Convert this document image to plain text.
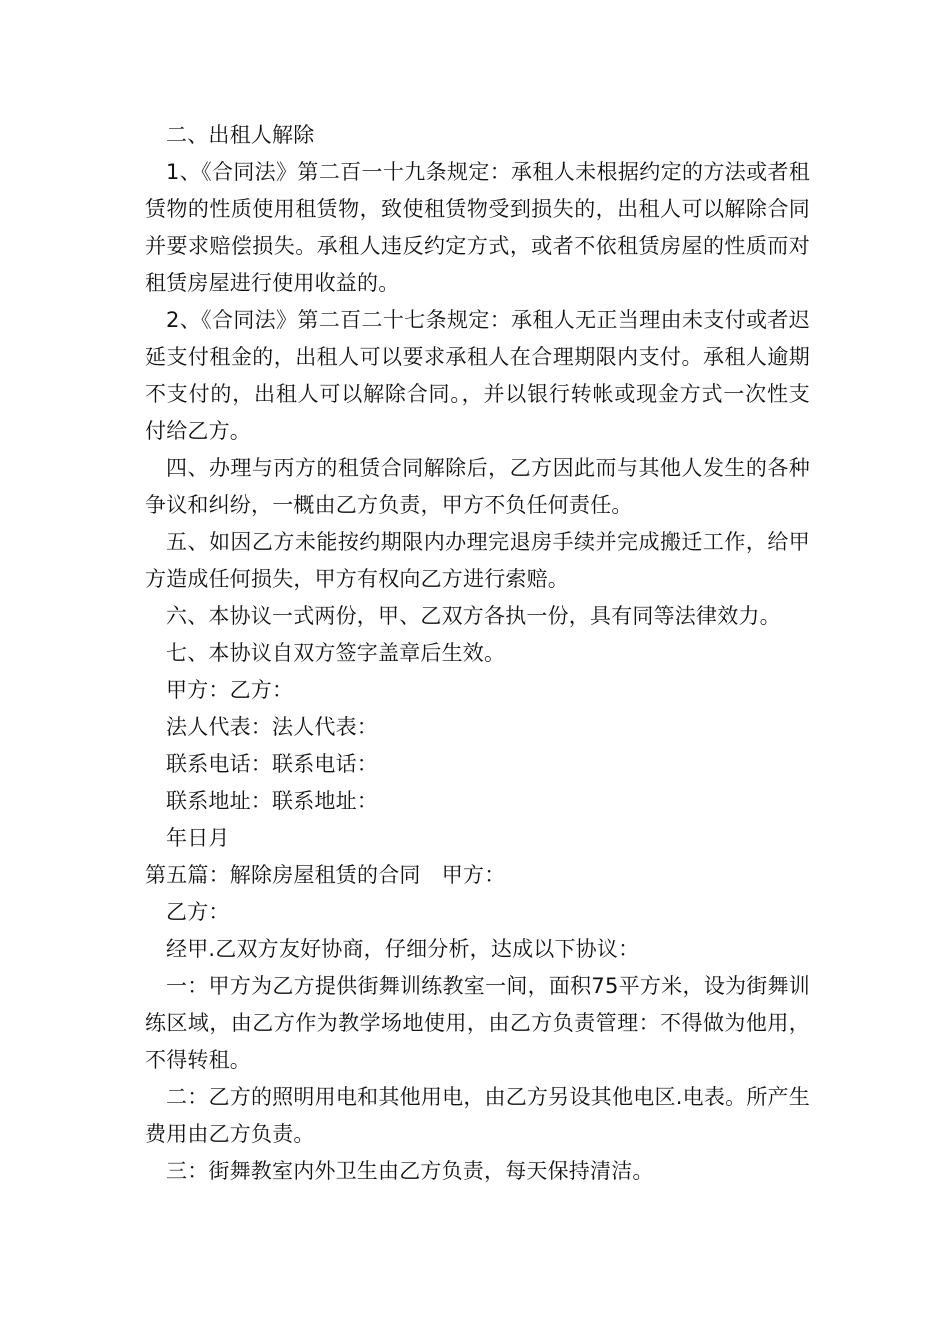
二、出租人解除

1、《合同法》第二百一十九条规定：承租人未根据约定的方法或者租赁物的性质使用租赁物，致使租赁物受到损失的，出租人可以解除合同并要求赔偿损失。承租人违反约定方式，或者不依租赁房屋的性质而对租赁房屋进行使用收益的。

2、《合同法》第二百二十七条规定：承租人无正当理由未支付或者迟延支付租金的，出租人可以要求承租人在合理期限内支付。承租人逾期不支付的，出租人可以解除合同。，并以银行转帐或现金方式一次性支付给乙方。

四、办理与丙方的租赁合同解除后，乙方因此而与其他人发生的各种争议和纠纷，一概由乙方负责，甲方不负任何责任。

五、如因乙方未能按约期限内办理完退房手续并完成搬迁工作，给甲方造成任何损失，甲方有权向乙方进行索赔。

六、本协议一式两份，甲、乙双方各执一份，具有同等法律效力。

七、本协议自双方签字盖章后生效。

甲方：乙方：

法人代表：法人代表：

联系电话：联系电话：

联系地址：联系地址：

年日月

第五篇：解除房屋租赁的合同　甲方：

乙方：

经甲.乙双方友好协商，仔细分析，达成以下协议：

一：甲方为乙方提供街舞训练教室一间，面积75平方米，设为街舞训练区域，由乙方作为教学场地使用，由乙方负责管理：不得做为他用，不得转租。

二：乙方的照明用电和其他用电，由乙方另设其他电区.电表。所产生费用由乙方负责。

三：街舞教室内外卫生由乙方负责，每天保持清洁。
